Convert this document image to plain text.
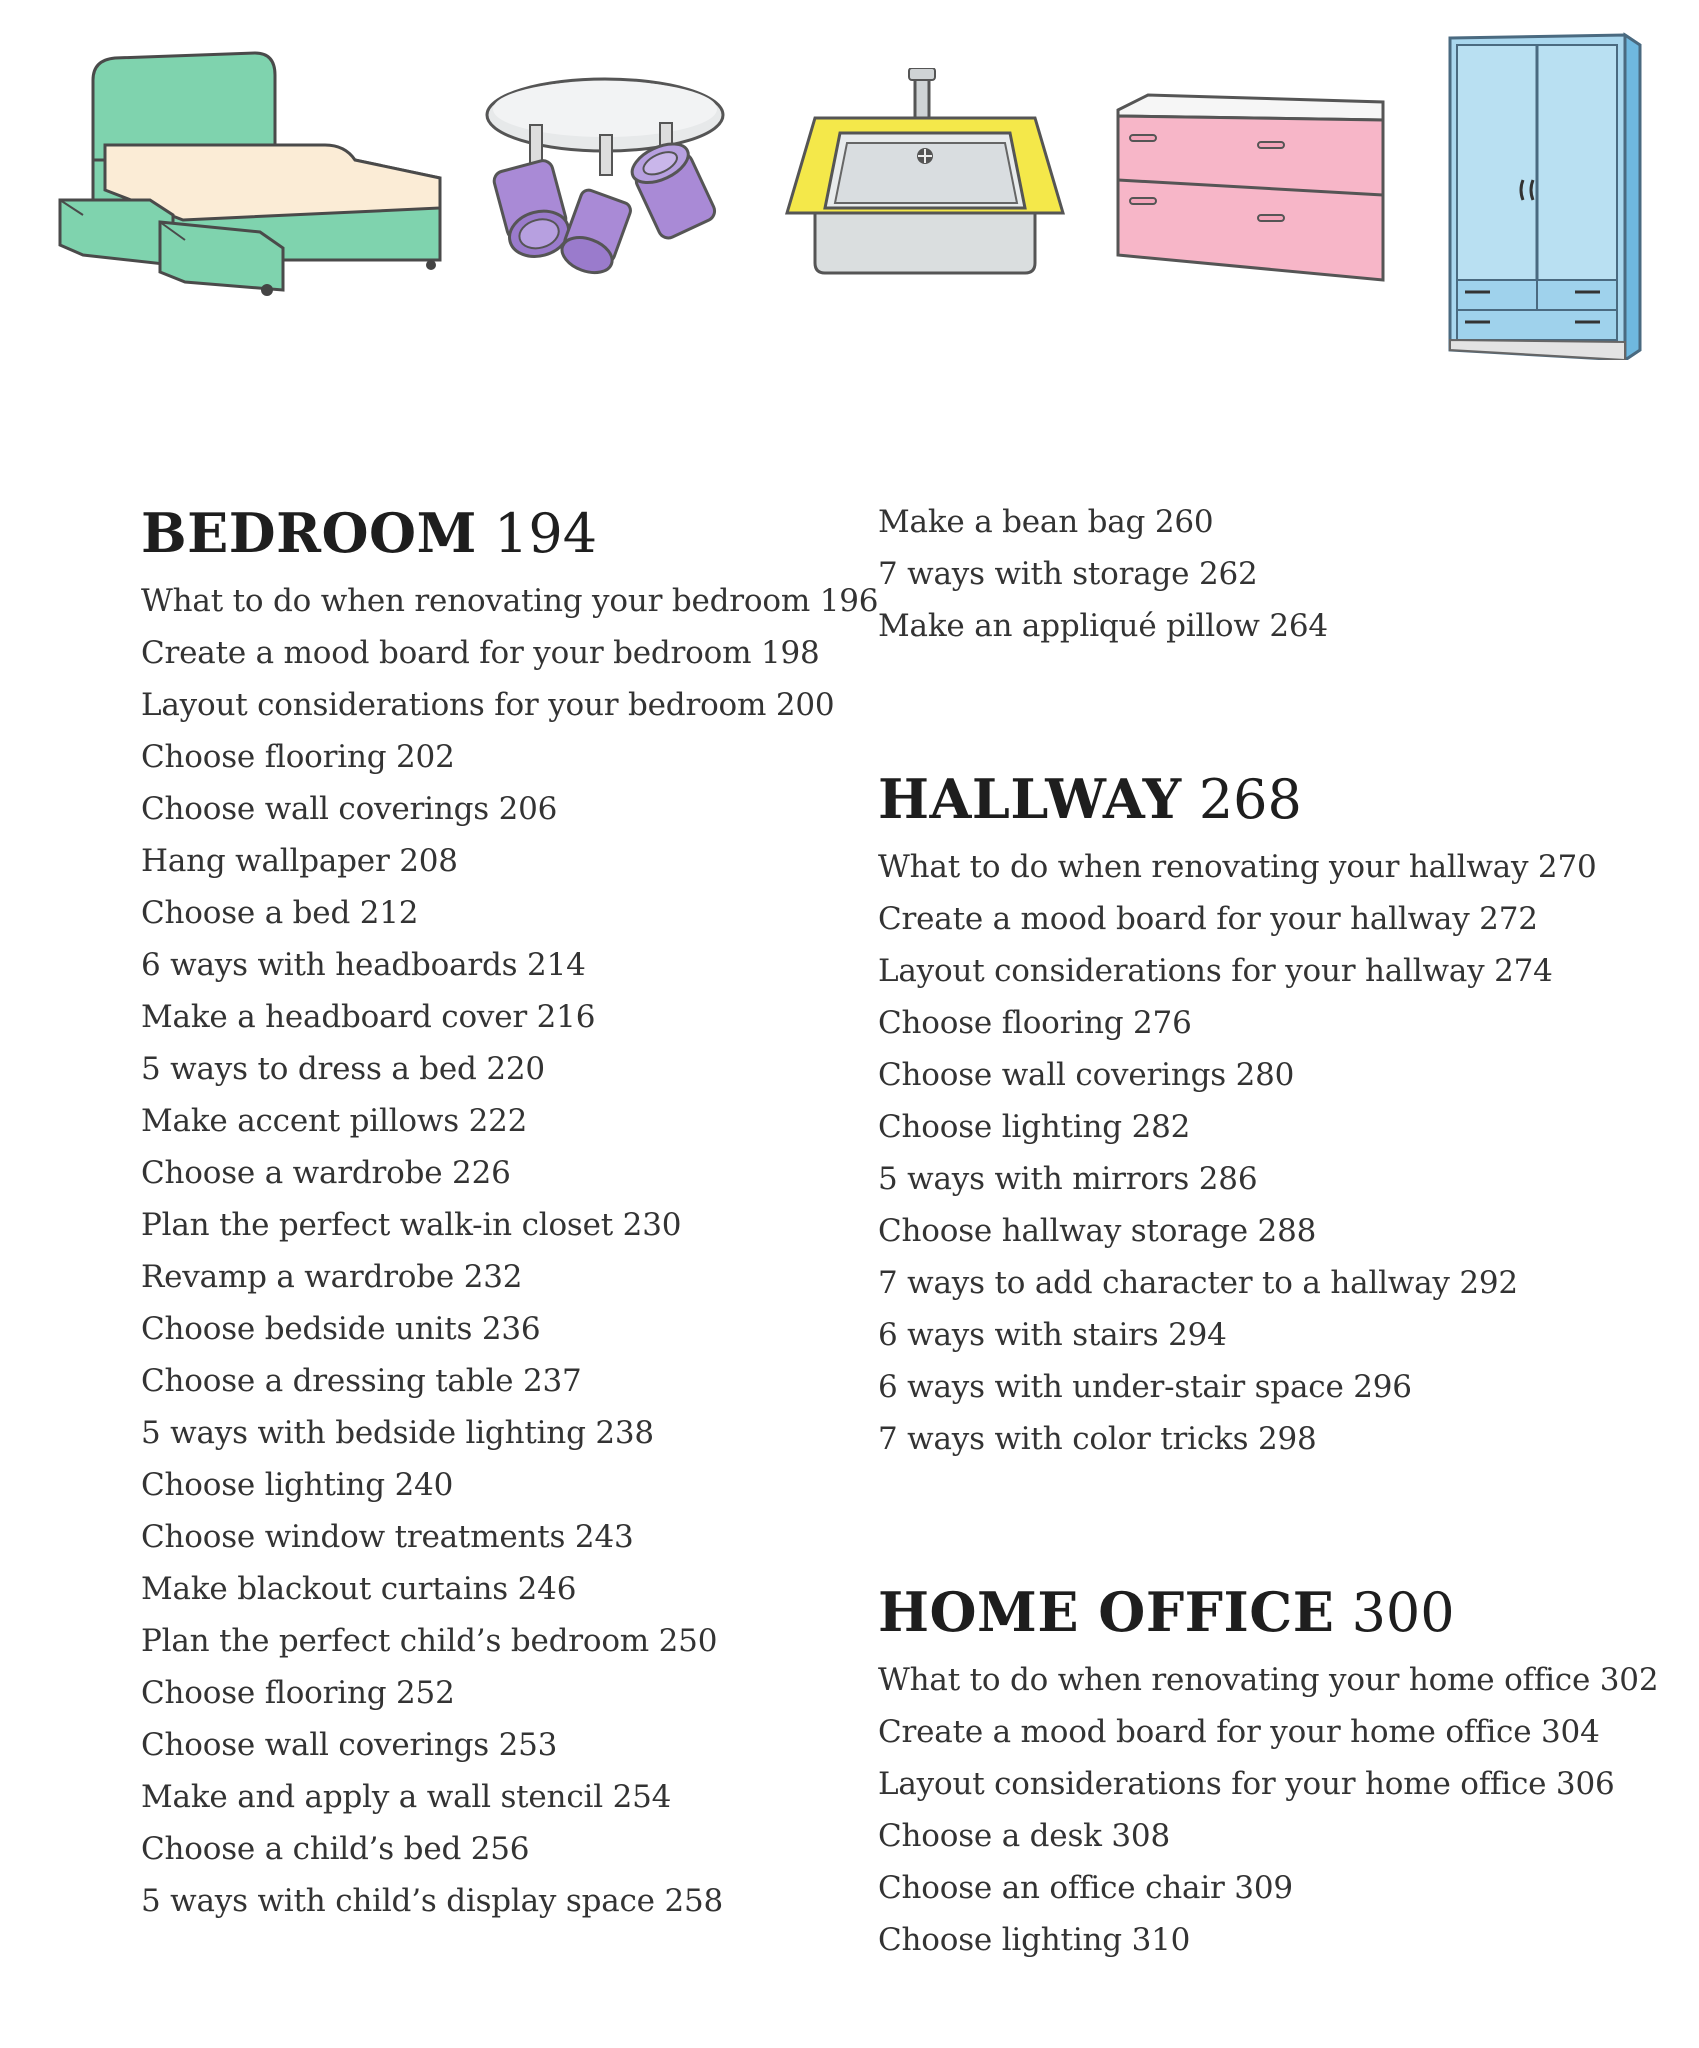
BEDROOM 194
What to do when renovating your bedroom 196
Create a mood board for your bedroom 198
Layout considerations for your bedroom 200
Choose flooring 202
Choose wall coverings 206
Hang wallpaper 208
Choose a bed 212
6 ways with headboards 214
Make a headboard cover 216
5 ways to dress a bed 220
Make accent pillows 222
Choose a wardrobe 226
Plan the perfect walk-in closet 230
Revamp a wardrobe 232
Choose bedside units 236
Choose a dressing table 237
5 ways with bedside lighting 238
Choose lighting 240
Choose window treatments 243
Make blackout curtains 246
Plan the perfect child’s bedroom 250
Choose flooring 252
Choose wall coverings 253
Make and apply a wall stencil 254
Choose a child’s bed 256
5 ways with child’s display space 258
Make a bean bag 260
7 ways with storage 262
Make an appliqué pillow 264
HALLWAY 268
What to do when renovating your hallway 270
Create a mood board for your hallway 272
Layout considerations for your hallway 274
Choose flooring 276
Choose wall coverings 280
Choose lighting 282
5 ways with mirrors 286
Choose hallway storage 288
7 ways to add character to a hallway 292
6 ways with stairs 294
6 ways with under-stair space 296
7 ways with color tricks 298
HOME OFFICE 300
What to do when renovating your home office 302
Create a mood board for your home office 304
Layout considerations for your home office 306
Choose a desk 308
Choose an office chair 309
Choose lighting 310
